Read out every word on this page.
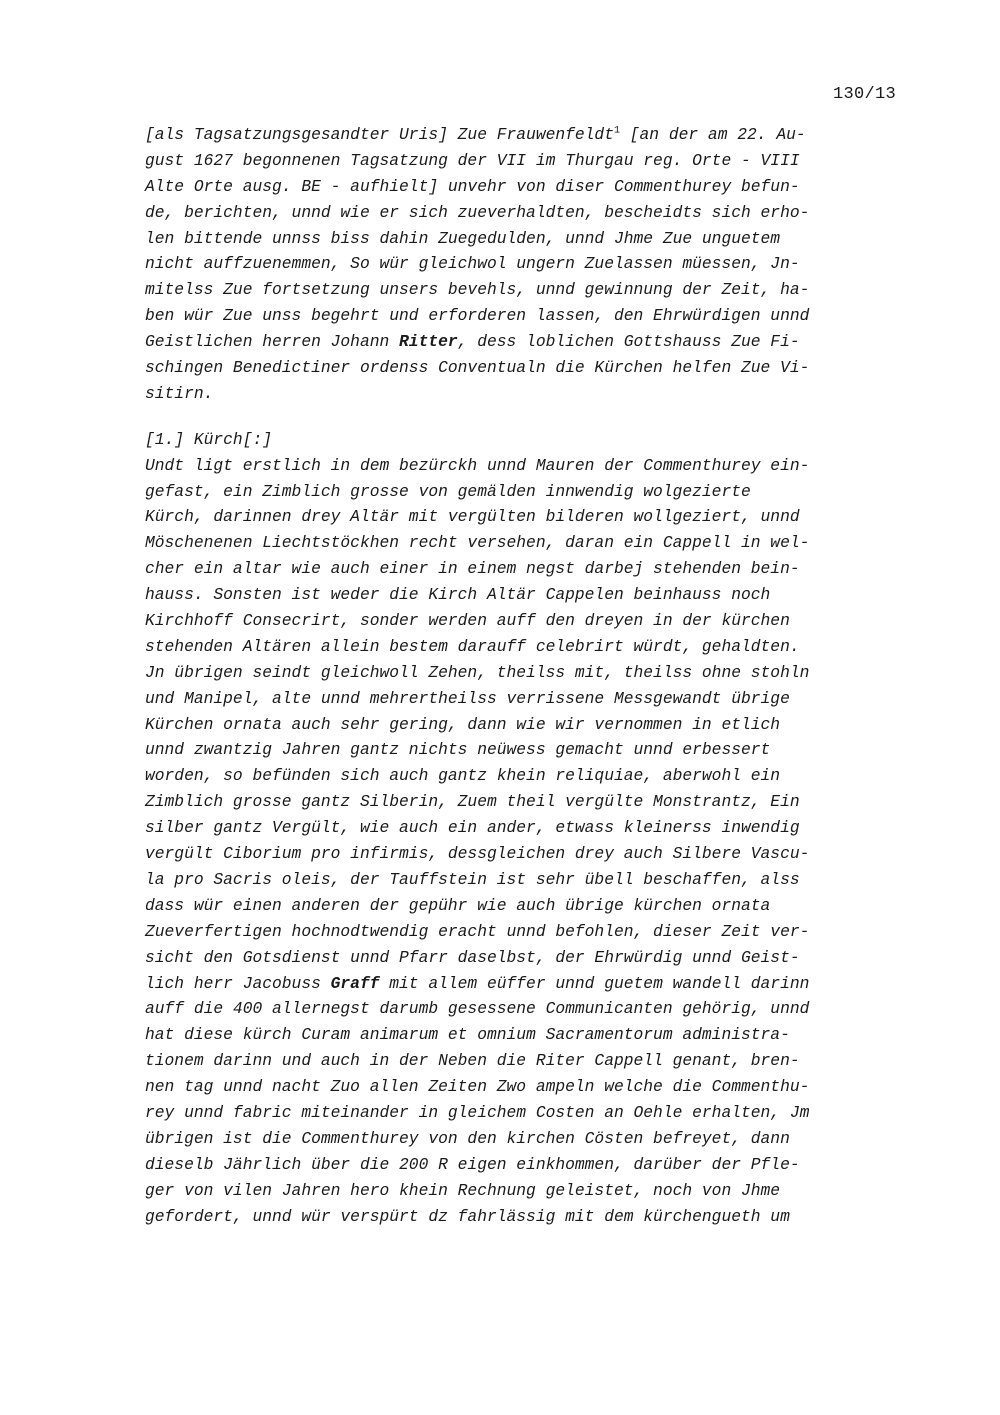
130/13
[als Tagsatzungsgesandter Uris] Zue Frauwenfeldt$^1$ [an der am 22. Au-
gust 1627 begonnenen Tagsatzung der VII im Thurgau reg. Orte - VIII
Alte Orte ausg. BE - aufhielt] unvehr von diser Commenthurey befun-
de, berichten, unnd wie er sich zueverhaldten, bescheidts sich erho-
len bittende unnss biss dahin Zuegedulden, unnd Jhme Zue unguetem
nicht auffzuenemmen, So wür gleichwol ungern Zuelassen müessen, Jn-
mitelss Zue fortsetzung unsers bevehls, unnd gewinnung der Zeit, ha-
ben wür Zue unss begehrt und erforderen lassen, den Ehrwürdigen unnd
Geistlichen herren Johann Ritter, dess loblichen Gottshauss Zue Fi-
schingen Benedictiner ordenss Conventualn die Kürchen helfen Zue Vi-
sitirn.
[1.] Kürch[:]
Undt ligt erstlich in dem bezürckh unnd Mauren der Commenthurey ein-
gefast, ein Zimblich grosse von gemälden innwendig wolgezierte
Kürch, darinnen drey Altär mit vergülten bilderen wollgeziert, unnd
Möschenenen Liechtstöckhen recht versehen, daran ein Cappell in wel-
cher ein altar wie auch einer in einem negst darbej stehenden bein-
hauss. Sonsten ist weder die Kirch Altär Cappelen beinhauss noch
Kirchhoff Consecrirt, sonder werden auff den dreyen in der kürchen
stehenden Altären allein bestem darauff celebrirt würdt, gehaldten.
Jn übrigen seindt gleichwoll Zehen, theilss mit, theilss ohne stohln
und Manipel, alte unnd mehrertheilss verrissene Messgewandt übrige
Kürchen ornata auch sehr gering, dann wie wir vernommen in etlich
unnd zwantzig Jahren gantz nichts neüwess gemacht unnd erbessert
worden, so befünden sich auch gantz khein reliquiae, aberwohl ein
Zimblich grosse gantz Silberin, Zuem theil vergülte Monstrantz, Ein
silber gantz Vergült, wie auch ein ander, etwass kleinerss inwendig
vergült Ciborium pro infirmis, dessgleichen drey auch Silbere Vascu-
la pro Sacris oleis, der Tauffstein ist sehr übell beschaffen, alss
dass wür einen anderen der gepühr wie auch übrige kürchen ornata
Zueverfertigen hochnodtwendig eracht unnd befohlen, dieser Zeit ver-
sicht den Gotsdienst unnd Pfarr daselbst, der Ehrwürdig unnd Geist-
lich herr Jacobuss Graff mit allem eüffer unnd guetem wandell darinn
auff die 400 allernegst darumb gesessene Communicanten gehörig, unnd
hat diese kürch Curam animarum et omnium Sacramentorum administra-
tionem darinn und auch in der Neben die Riter Cappell genant, bren-
nen tag unnd nacht Zuo allen Zeiten Zwo ampeln welche die Commenthu-
rey unnd fabric miteinander in gleichem Costen an Oehle erhalten, Jm
übrigen ist die Commenthurey von den kirchen Cösten befreyet, dann
dieselb Jährlich über die 200 R eigen einkhommen, darüber der Pfle-
ger von vilen Jahren hero khein Rechnung geleistet, noch von Jhme
gefordert, unnd wür verspürt dz fahrlässig mit dem kürchengueth um
